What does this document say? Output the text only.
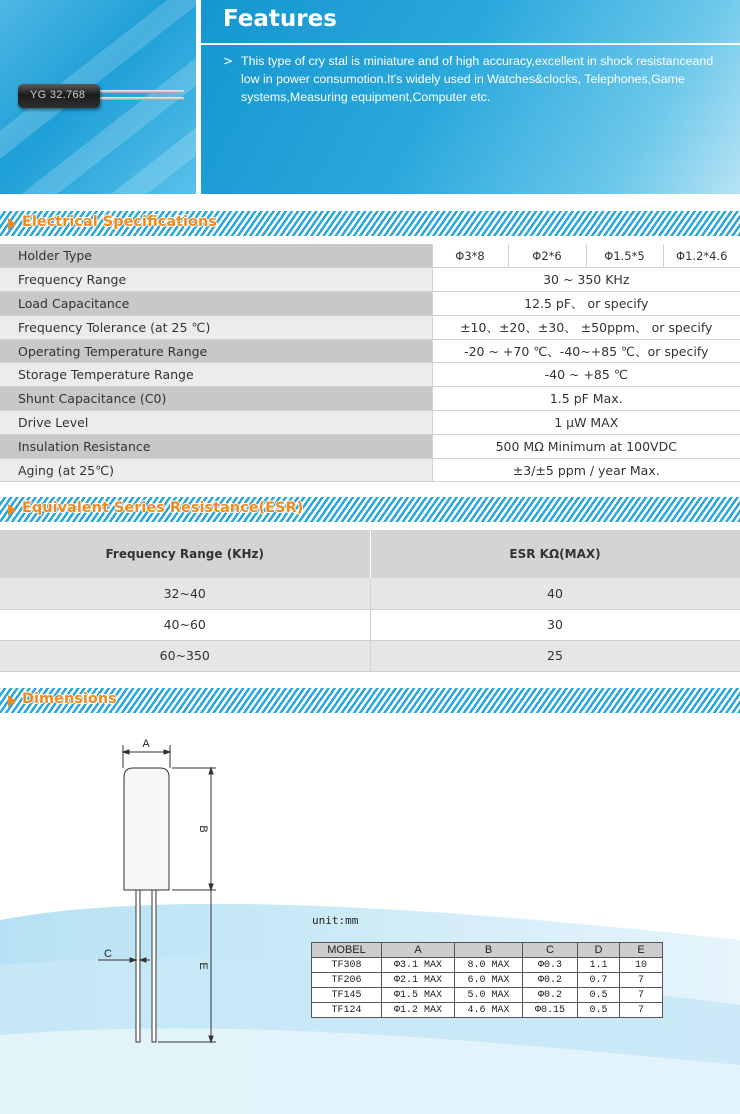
YG 32.768
Features
> This type of cry stal is miniature and of high accuracy,excellent in shock resistanceand low in power consumotion.It's widely used in Watches&clocks, Telephones,Game systems,Measuring equipment,Computer etc.
Electrical Specifications
Holder Type	Φ3*8	Φ2*6	Φ1.5*5	Φ1.2*4.6
Frequency Range	30 ~ 350 KHz			
Load Capacitance	12.5 pF、 or specify			
Frequency Tolerance (at 25 ℃)	±10、±20、±30、 ±50ppm、 or specify			
Operating Temperature Range	-20 ~ +70 ℃、-40~+85 ℃、or specify			
Storage Temperature Range	-40 ~ +85 ℃			
Shunt Capacitance (C0)	1.5 pF Max.			
Drive Level	1 μW MAX			
Insulation Resistance	500 MΩ Minimum at 100VDC			
Aging (at 25℃)	±3/±5 ppm / year Max.			
Equivalent Series Resistance(ESR)
Frequency Range (KHz)	ESR KΩ(MAX)
32~40	40
40~60	30
60~350	25
Dimensions
A
B
C
E
unit:mm
MOBEL	A	B	C	D	E
TF308	Φ3.1 MAX	8.0 MAX	Φ0.3	1.1	10
TF206	Φ2.1 MAX	6.0 MAX	Φ0.2	0.7	7
TF145	Φ1.5 MAX	5.0 MAX	Φ0.2	0.5	7
TF124	Φ1.2 MAX	4.6 MAX	Φ0.15	0.5	7
